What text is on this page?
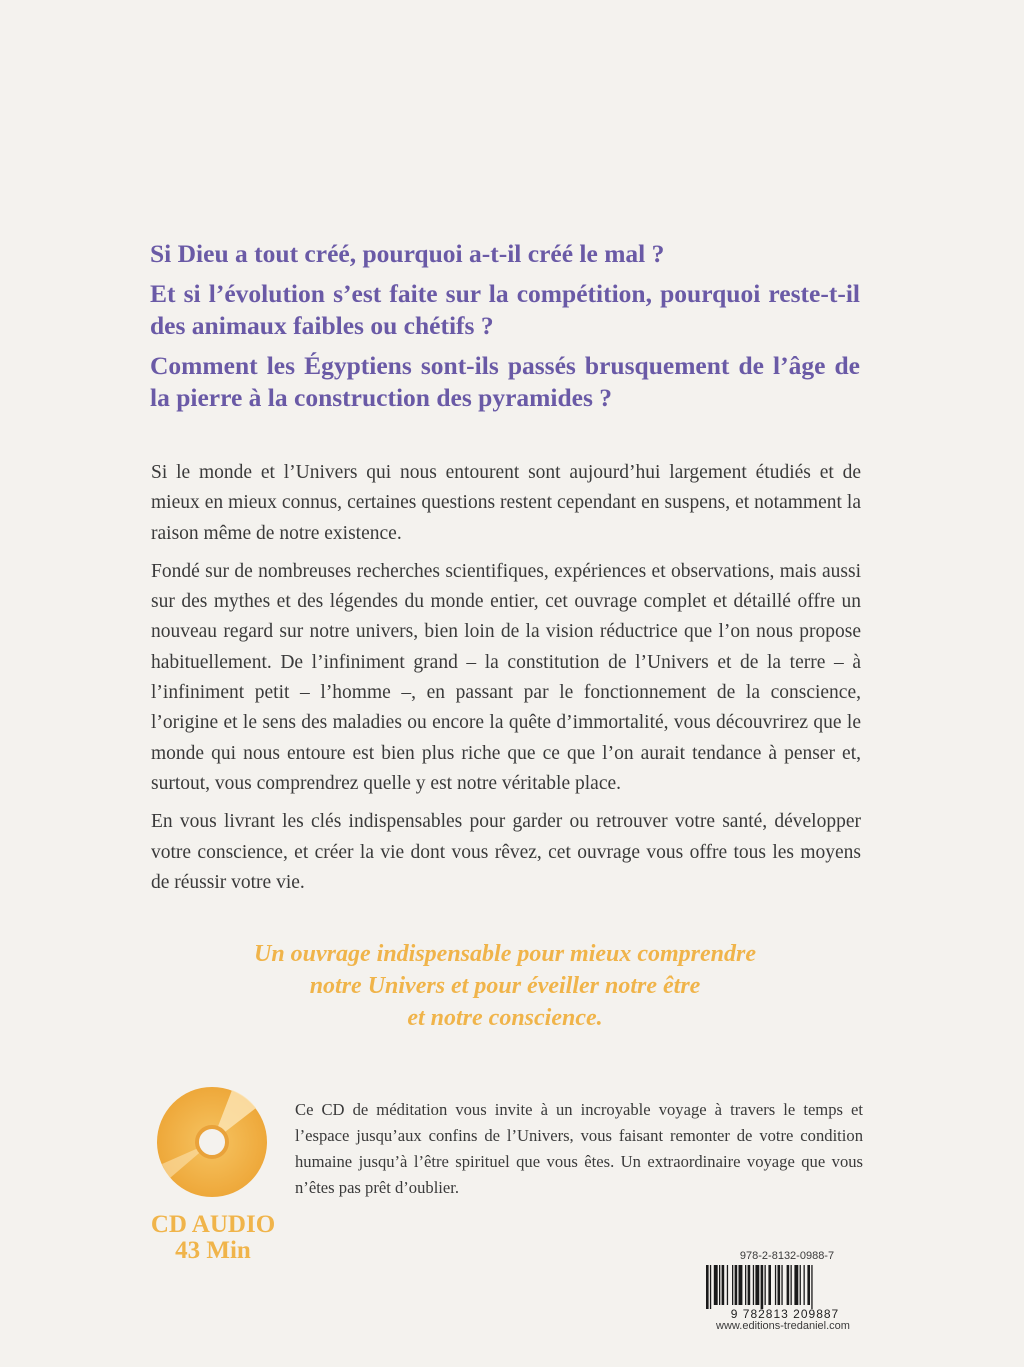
Si Dieu a tout créé, pourquoi a-t-il créé le mal ?

Et si l’évolution s’est faite sur la compétition, pourquoi reste-t-il des animaux faibles ou chétifs ?

Comment les Égyptiens sont-ils passés brusquement de l’âge de la pierre à la construction des pyramides ?

Si le monde et l’Univers qui nous entourent sont aujourd’hui largement étudiés et de mieux en mieux connus, certaines questions restent cependant en suspens, et notamment la raison même de notre existence.

Fondé sur de nombreuses recherches scientifiques, expériences et observations, mais aussi sur des mythes et des légendes du monde entier, cet ouvrage complet et détaillé offre un nouveau regard sur notre univers, bien loin de la vision réductrice que l’on nous propose habituellement. De l’infiniment grand – la constitution de l’Univers et de la terre – à l’infiniment petit – l’homme –, en passant par le fonctionnement de la conscience, l’origine et le sens des maladies ou encore la quête d’immortalité, vous découvrirez que le monde qui nous entoure est bien plus riche que ce que l’on aurait tendance à penser et, surtout, vous comprendrez quelle y est notre véritable place.

En vous livrant les clés indispensables pour garder ou retrouver votre santé, développer votre conscience, et créer la vie dont vous rêvez, cet ouvrage vous offre tous les moyens de réussir votre vie.

Un ouvrage indispensable pour mieux comprendre
notre Univers et pour éveiller notre être
et notre conscience.
CD AUDIO
43 Min

Ce CD de méditation vous invite à un incroyable voyage à travers le temps et l’espace jusqu’aux confins de l’Univers, vous faisant remonter de votre condition humaine jusqu’à l’être spirituel que vous êtes. Un extraordinaire voyage que vous n’êtes pas prêt d’oublier.

978-2-8132-0988-7
9 782813 209887
www.editions-tredaniel.com
